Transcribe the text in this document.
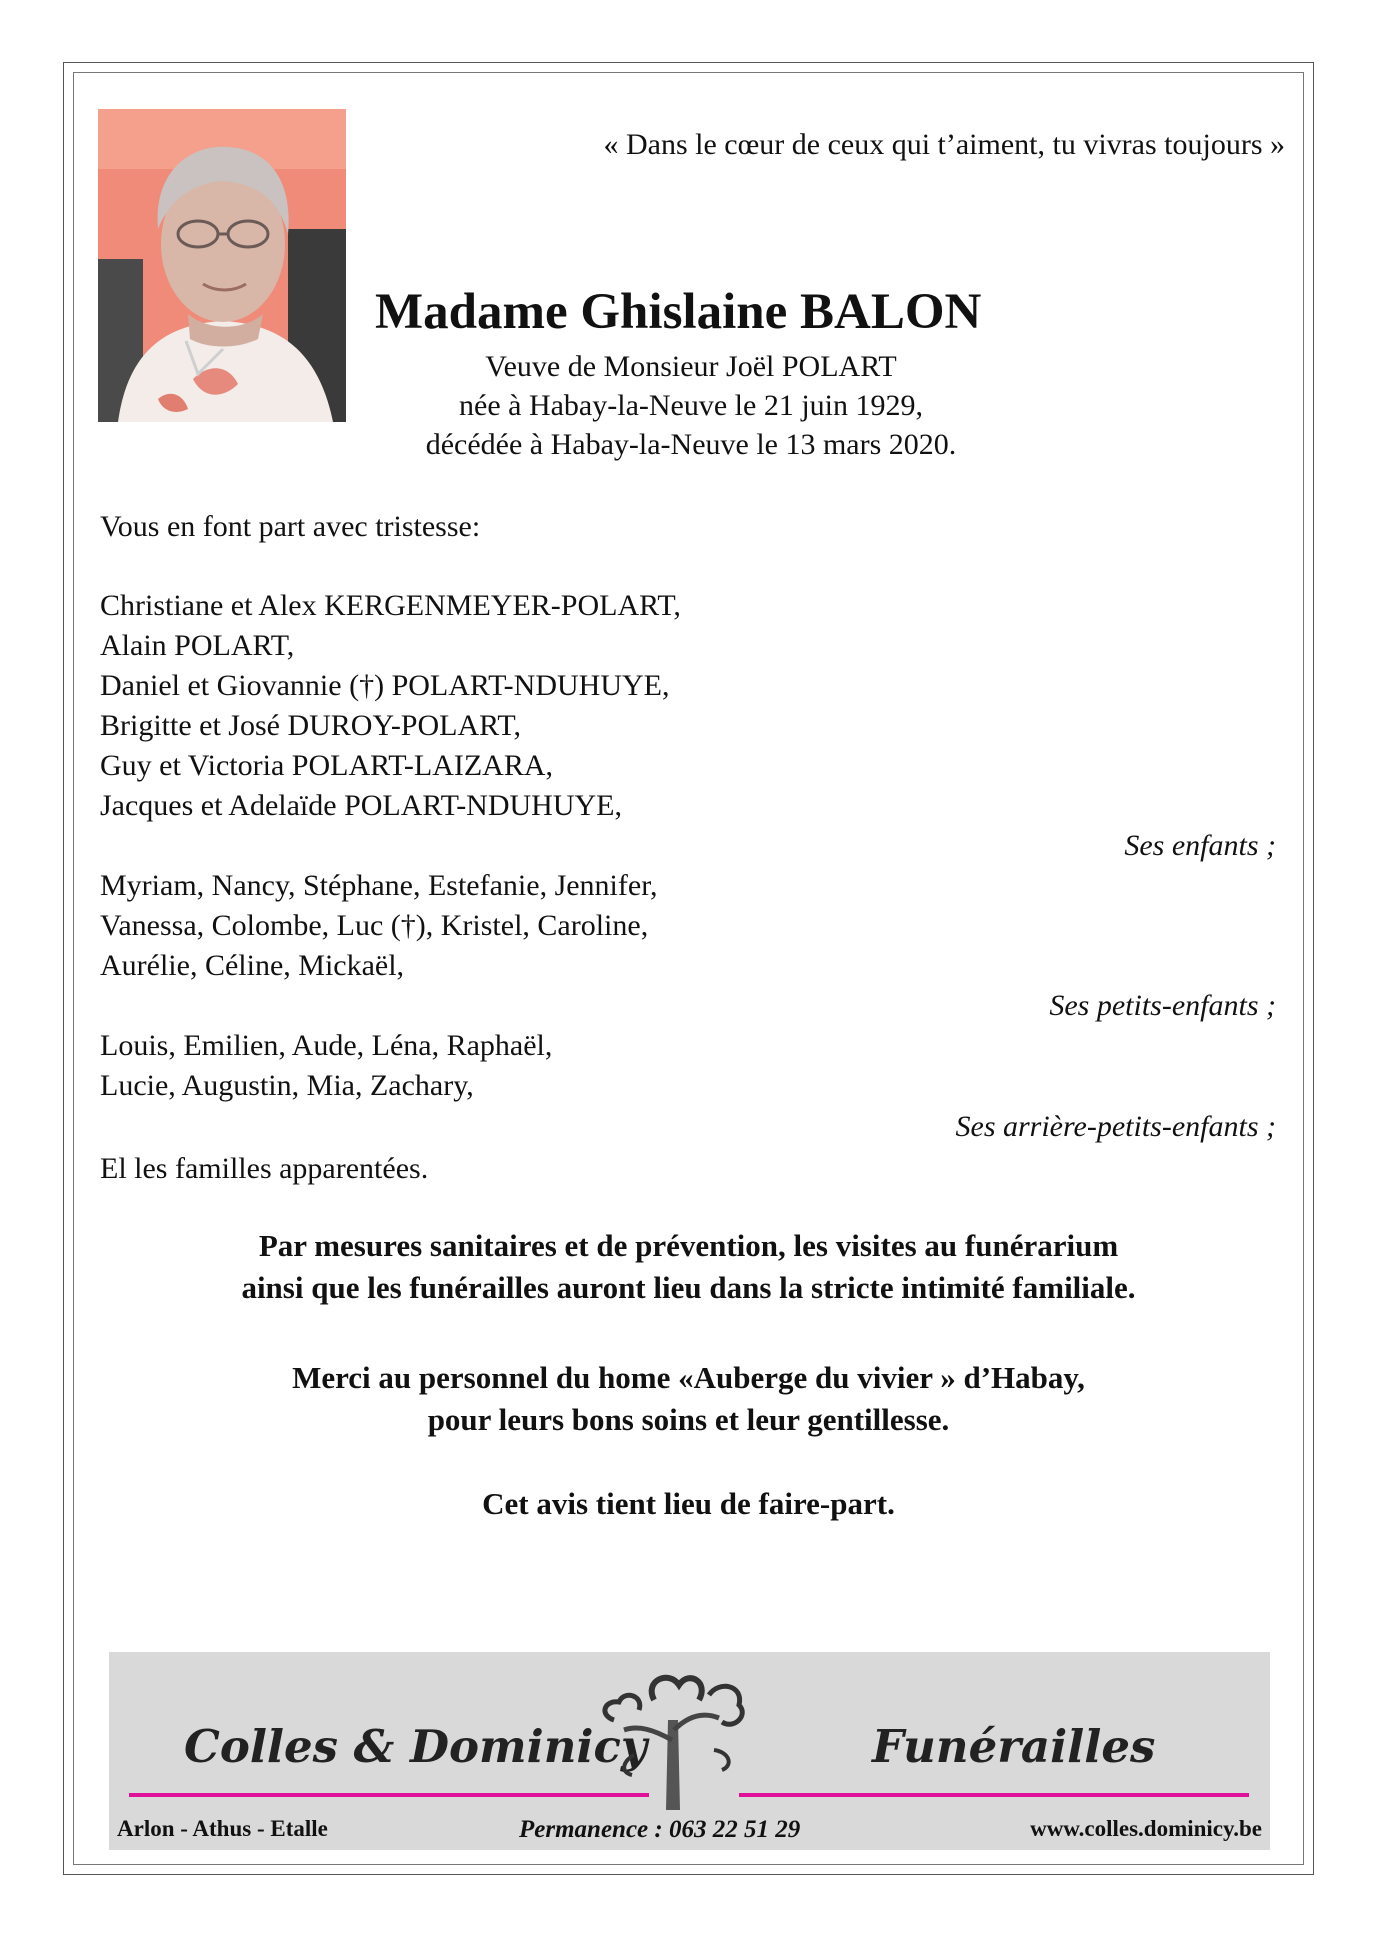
« Dans le cœur de ceux qui t’aiment, tu vivras toujours »
Madame Ghislaine BALON
Veuve de Monsieur Joël POLART
née à Habay-la-Neuve le 21 juin 1929,
décédée à Habay-la-Neuve le 13 mars 2020.
Vous en font part avec tristesse:
Christiane et Alex KERGENMEYER-POLART,
Alain POLART,
Daniel et Giovannie (†) POLART-NDUHUYE,
Brigitte et José DUROY-POLART,
Guy et Victoria POLART-LAIZARA,
Jacques et Adelaïde POLART-NDUHUYE,
Ses enfants ;
Myriam, Nancy, Stéphane, Estefanie, Jennifer,
Vanessa, Colombe, Luc (†), Kristel, Caroline,
Aurélie, Céline, Mickaël,
Ses petits-enfants ;
Louis, Emilien, Aude, Léna, Raphaël,
Lucie, Augustin, Mia, Zachary,
Ses arrière-petits-enfants ;
El les familles apparentées.
Par mesures sanitaires et de prévention, les visites au funérarium
ainsi que les funérailles auront lieu dans la stricte intimité familiale.
Merci au personnel du home «Auberge du vivier » d’Habay,
pour leurs bons soins et leur gentillesse.
Cet avis tient lieu de faire-part.
Colles & Dominicy	Funérailles
Arlon - Athus - Etalle	Permanence : 063 22 51 29	www.colles.dominicy.be
